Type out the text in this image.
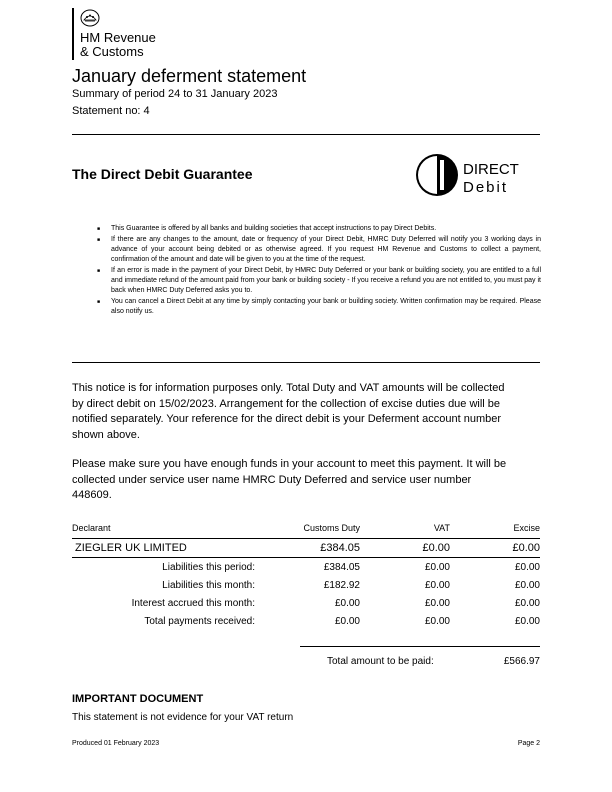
HM Revenue
& Customs
January deferment statement
Summary of period 24 to 31 January 2023
Statement no: 4
The Direct Debit Guarantee	DIRECT
Debit
■ This Guarantee is offered by all banks and building societies that accept instructions to pay Direct Debits.
■ If there are any changes to the amount, date or frequency of your Direct Debit, HMRC Duty Deferred will notify you 3 working days in advance of your account being debited or as otherwise agreed. If you request HM Revenue and Customs to collect a payment, confirmation of the amount and date will be given to you at the time of the request.
■ If an error is made in the payment of your Direct Debit, by HMRC Duty Deferred or your bank or building society, you are entitled to a full and immediate refund of the amount paid from your bank or building society - If you receive a refund you are not entitled to, you must pay it back when HMRC Duty Deferred asks you to.
■ You can cancel a Direct Debit at any time by simply contacting your bank or building society. Written confirmation may be required. Please also notify us.
This notice is for information purposes only. Total Duty and VAT amounts will be collected
by direct debit on 15/02/2023. Arrangement for the collection of excise duties due will be
notified separately. Your reference for the direct debit is your Deferment account number
shown above.
Please make sure you have enough funds in your account to meet this payment. It will be
collected under service user name HMRC Duty Deferred and service user number
448609.
Declarant	Customs Duty	VAT	Excise
ZIEGLER UK LIMITED	£384.05	£0.00	£0.00
Liabilities this period:	£384.05	£0.00	£0.00
Liabilities this month:	£182.92	£0.00	£0.00
Interest accrued this month:	£0.00	£0.00	£0.00
Total payments received:	£0.00	£0.00	£0.00
Total amount to be paid:	£566.97
IMPORTANT DOCUMENT
This statement is not evidence for your VAT return
Produced 01 February 2023	Page 2
